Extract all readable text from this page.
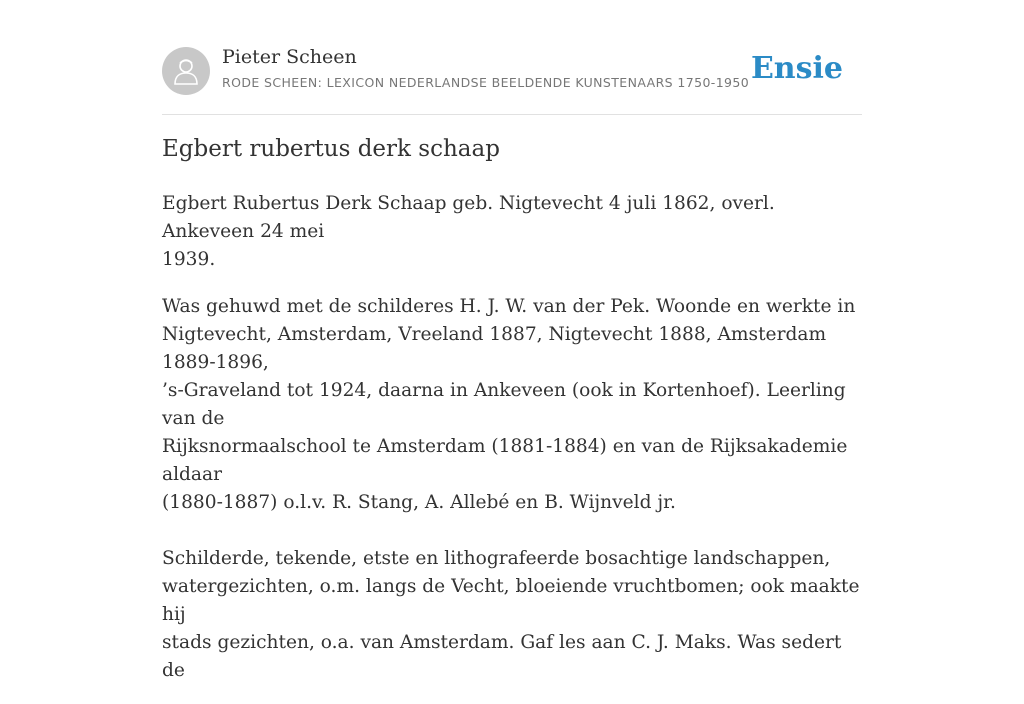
Pieter Scheen
RODE SCHEEN: LEXICON NEDERLANDSE BEELDENDE KUNSTENAARS 1750-1950 Ensie
Egbert rubertus derk schaap

Egbert Rubertus Derk Schaap geb. Nigtevecht 4 juli 1862, overl. Ankeveen 24 mei
1939.

Was gehuwd met de schilderes H. J. W. van der Pek. Woonde en werkte in
Nigtevecht, Amsterdam, Vreeland 1887, Nigtevecht 1888, Amsterdam 1889-1896,
’s-Graveland tot 1924, daarna in Ankeveen (ook in Kortenhoef). Leerling van de
Rijksnormaalschool te Amsterdam (1881-1884) en van de Rijksakademie aldaar
(1880-1887) o.l.v. R. Stang, A. Allebé en B. Wijnveld jr.

Schilderde, tekende, etste en lithografeerde bosachtige landschappen,
watergezichten, o.m. langs de Vecht, bloeiende vruchtbomen; ook maakte hij
stads gezichten, o.a. van Amsterdam. Gaf les aan C. J. Maks. Was sedert de
